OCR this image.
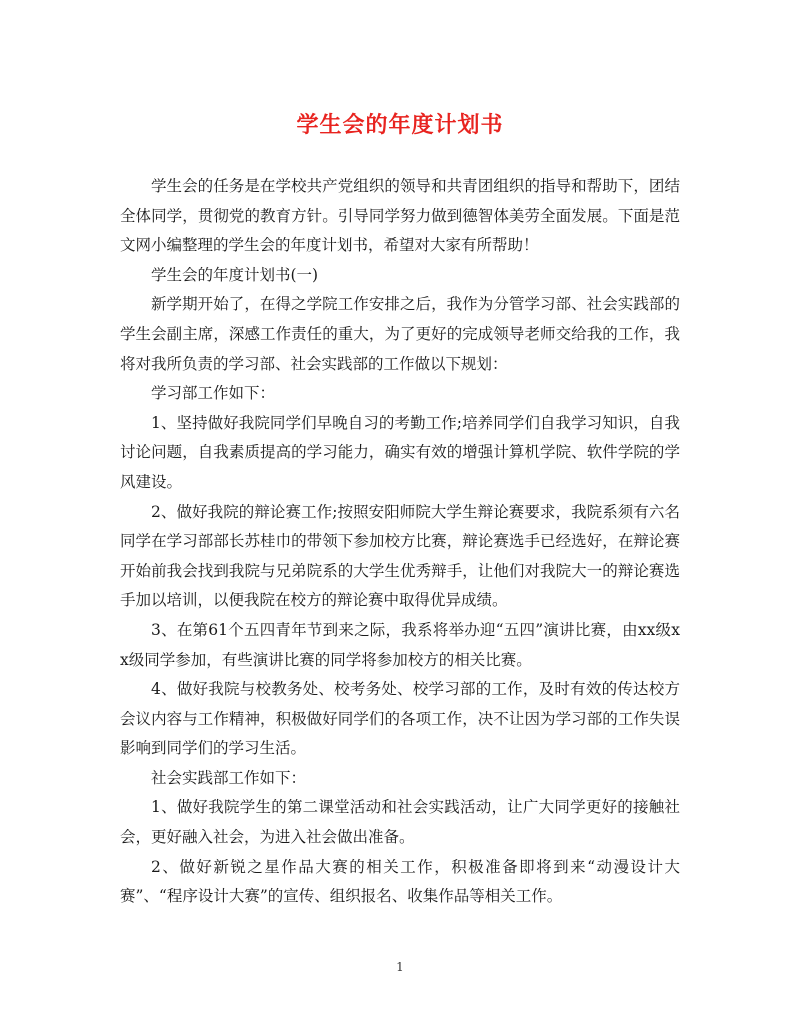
学生会的年度计划书

学生会的任务是在学校共产党组织的领导和共青团组织的指导和帮助下，团结全体同学，贯彻党的教育方针。引导同学努力做到德智体美劳全面发展。下面是范文网小编整理的学生会的年度计划书，希望对大家有所帮助！

学生会的年度计划书(一)

新学期开始了，在得之学院工作安排之后，我作为分管学习部、社会实践部的学生会副主席，深感工作责任的重大，为了更好的完成领导老师交给我的工作，我将对我所负责的学习部、社会实践部的工作做以下规划：

学习部工作如下：

1、坚持做好我院同学们早晚自习的考勤工作;培养同学们自我学习知识，自我讨论问题，自我素质提高的学习能力，确实有效的增强计算机学院、软件学院的学风建设。

2、做好我院的辩论赛工作;按照安阳师院大学生辩论赛要求，我院系须有六名同学在学习部部长苏桂巾的带领下参加校方比赛，辩论赛选手已经选好，在辩论赛开始前我会找到我院与兄弟院系的大学生优秀辩手，让他们对我院大一的辩论赛选手加以培训，以便我院在校方的辩论赛中取得优异成绩。

3、在第61个五四青年节到来之际，我系将举办迎“五四”演讲比赛，由xx级xx级同学参加，有些演讲比赛的同学将参加校方的相关比赛。

4、做好我院与校教务处、校考务处、校学习部的工作，及时有效的传达校方会议内容与工作精神，积极做好同学们的各项工作，决不让因为学习部的工作失误影响到同学们的学习生活。

社会实践部工作如下：

1、做好我院学生的第二课堂活动和社会实践活动，让广大同学更好的接触社会，更好融入社会，为进入社会做出准备。

2、做好新锐之星作品大赛的相关工作，积极准备即将到来“动漫设计大赛”、“程序设计大赛”的宣传、组织报名、收集作品等相关工作。

1
